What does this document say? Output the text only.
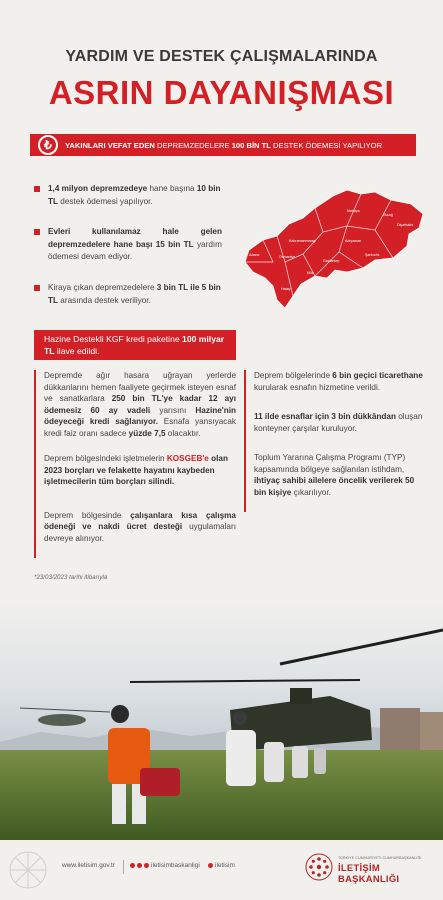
YARDIM VE DESTEK ÇALIŞMALARINDA
ASRIN DAYANIŞMASI
₺	YAKINLARI VEFAT EDEN DEPREMZEDELERE 100 BİN TL DESTEK ÖDEMESİ YAPILIYOR
1,4 milyon depremzedeye hane başına 10 bin TL destek ödemesi yapılıyor.
Evleri kullanılamaz hale gelen depremzedelere hane başı 15 bin TL yardım ödemesi devam ediyor.
Kiraya çıkan depremzedelere 3 bin TL ile 5 bin TL arasında destek veriliyor.
Malatya
Elazığ
Diyarbakır
Kahramanmaraş	Adıyaman
Adana	Osmaniye
Gaziantep
Şanlıurfa
Kilis
Hatay
Hazine Destekli KGF kredi paketine 100 milyar TL ilave edildi.

Depremde ağır hasara uğrayan yerlerde dükkanlarını hemen faaliyete geçirmek isteyen esnaf ve sanatkarlara 250 bin TL'ye kadar 12 ayı ödemesiz 60 ay vadeli yarısını Hazine'nin ödeyeceği kredi sağlanıyor. Esnafa yansıyacak kredi faiz oranı sadece yüzde 7,5 olacaktır.

Deprem bölgesindeki işletmelerin KOSGEB'e olan 2023 borçları ve felakette hayatını kaybeden işletmecilerin tüm borçları silindi.

Deprem bölgesinde çalışanlara kısa çalışma ödeneği ve nakdi ücret desteği uygulamaları devreye alınıyor.

Deprem bölgelerinde 6 bin geçici ticarethane kurularak esnafın hizmetine verildi.

11 ilde esnaflar için 3 bin dükkândan oluşan konteyner çarşılar kuruluyor.

Toplum Yararına Çalışma Programı (TYP) kapsamında bölgeye sağlanılan istihdam, ihtiyaç sahibi ailelere öncelik verilerek 50 bin kişiye çıkarılıyor.

*23/03/2023 tarihi itibarıyla
www.iletisim.gov.tr	iletisimbaskanligi iletisim
TÜRKİYE CUMHURİYETİ CUMHURBAŞKANLIĞI
İLETİŞİM BAŞKANLIĞI
